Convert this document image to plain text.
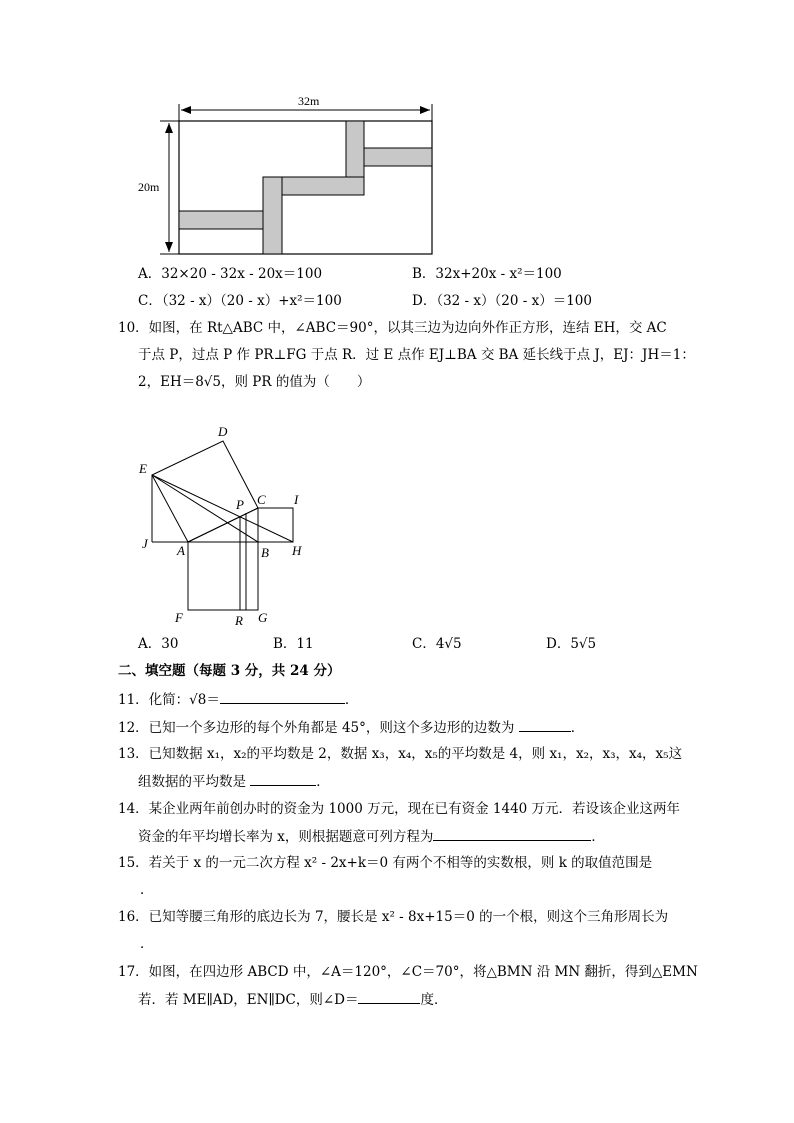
32m
20m
A．32×20 - 32x - 20x＝100	B．32x+20x - x²＝100
C．（32 - x）（20 - x）+x²＝100	D．（32 - x）（20 - x）＝100
10．如图，在 Rt△ABC 中，∠ABC＝90°，以其三边为边向外作正方形，连结 EH，交 AC
于点 P，过点 P 作 PR⊥FG 于点 R．过 E 点作 EJ⊥BA 交 BA 延长线于点 J，EJ：JH＝1：
2，EH＝8√5，则 PR 的值为（　　）
D
E
P C I
J A	B H
F	R G
A．30	B．11	C．4√5	D．5√5
二、填空题（每题 3 分，共 24 分）
11．化简：√8＝	．
12．已知一个多边形的每个外角都是 45°，则这个多边形的边数为	．
13．已知数据 x₁，x₂的平均数是 2，数据 x₃，x₄，x₅的平均数是 4，则 x₁，x₂，x₃，x₄，x₅这
组数据的平均数是	．
14．某企业两年前创办时的资金为 1000 万元，现在已有资金 1440 万元．若设该企业这两年
资金的年平均增长率为 x，则根据题意可列方程为	．
15．若关于 x 的一元二次方程 x² - 2x+k＝0 有两个不相等的实数根，则 k 的取值范围是
．
16．已知等腰三角形的底边长为 7，腰长是 x² - 8x+15＝0 的一个根，则这个三角形周长为
．
17．如图，在四边形 ABCD 中，∠A＝120°，∠C＝70°，将△BMN 沿 MN 翻折，得到△EMN
若．若 ME∥AD，EN∥DC，则∠D＝	度．
